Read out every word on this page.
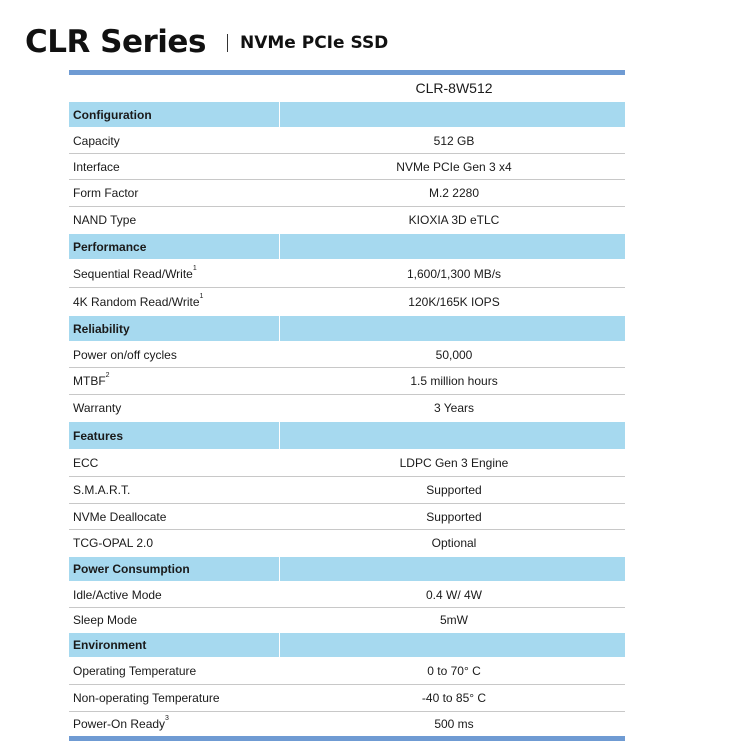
CLR Series NVMe PCIe SSD
CLR-8W512
Configuration
Capacity	512 GB
Interface	NVMe PCIe Gen 3 x4
Form Factor	M.2 2280
NAND Type	KIOXIA 3D eTLC
Performance
Sequential Read/Write$^1$	1,600/1,300 MB/s
4K Random Read/Write$^1$	120K/165K IOPS
Reliability
Power on/off cycles	50,000
MTBF$^2$	1.5 million hours
Warranty	3 Years
Features
ECC	LDPC Gen 3 Engine
S.M.A.R.T.	Supported
NVMe Deallocate	Supported
TCG-OPAL 2.0	Optional
Power Consumption
Idle/Active Mode	0.4 W/ 4W
Sleep Mode	5mW
Environment
Operating Temperature	0 to 70° C
Non-operating Temperature	-40 to 85° C
Power-On Ready$^3$	500 ms
